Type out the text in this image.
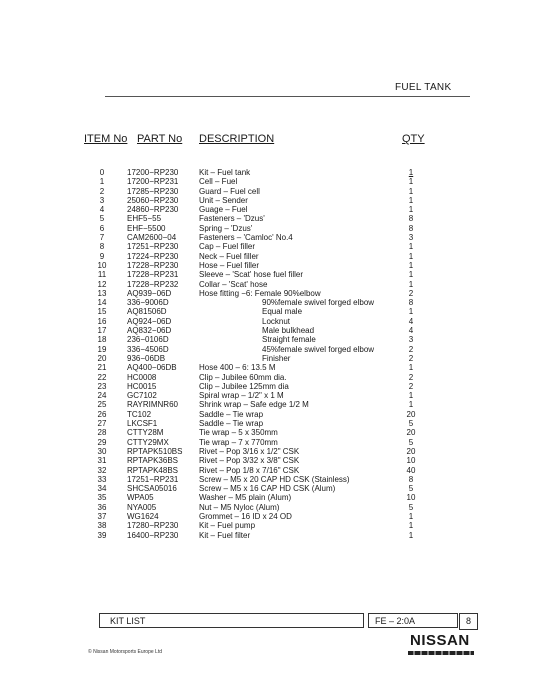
FUEL TANK
ITEM No PART No DESCRIPTION	QTY
0	17200−RP230	Kit – Fuel tank	1
1	17200−RP231	Cell – Fuel	1
2	17285−RP230	Guard – Fuel cell	1
3	25060−RP230	Unit – Sender	1
4	24860−RP230	Guage – Fuel	1
5	EHF5−55	Fasteners – 'Dzus'	8
6	EHF−5500	Spring – 'Dzus'	8
7	CAM2600−04	Fasteners – 'Camloc' No.4	3
8	17251−RP230	Cap – Fuel filler	1
9	17224−RP230	Neck – Fuel filler	1
10	17228−RP230	Hose – Fuel filler	1
11	17228−RP231	Sleeve – 'Scat' hose fuel filler	1
12	17228−RP232	Collar – 'Scat' hose	1
13	AQ939−06D	Hose fitting −6: Female 90%elbow	2
14	336−9006D	90%female swivel forged elbow	8
15	AQ81506D	Equal male	1
16	AQ924−06D	Locknut	4
17	AQ832−06D	Male bulkhead	4
18	236−0106D	Straight female	3
19	336−4506D	45%female swivel forged elbow	2
20	936−06DB	Finisher	2
21	AQ400−06DB	Hose 400 – 6: 13.5 M	1
22	HC0008	Clip – Jubilee 60mm dia.	2
23	HC0015	Clip – Jubilee 125mm dia	2
24	GC7102	Spiral wrap – 1/2" x 1 M	1
25	RAYRIMNR60	Shrink wrap – Safe edge 1/2 M	1
26	TC102	Saddle – Tie wrap	20
27	LKCSF1	Saddle – Tie wrap	5
28	CTTY28M	Tie wrap – 5 x 350mm	20
29	CTTY29MX	Tie wrap – 7 x 770mm	5
30	RPTAPK510BS Rivet – Pop 3/16 x 1/2" CSK	20
31	RPTAPK36BS	Rivet – Pop 3/32 x 3/8" CSK	10
32	RPTAPK48BS	Rivet – Pop 1/8 x 7/16" CSK	40
33	17251−RP231	Screw – M5 x 20 CAP HD CSK (Stainless)	8
34	SHCSA05016	Screw – M5 x 16 CAP HD CSK (Alum)	5
35	WPA05	Washer – M5 plain (Alum)	10
36	NYA005	Nut – M5 Nyloc (Alum)	5
37	WG1624	Grommet – 16 ID x 24 OD	1
38	17280−RP230	Kit – Fuel pump	1
39	16400−RP230	Kit – Fuel filter	1
KIT LIST	FE – 2:0A	8
NISSAN
© Nissan Motorsports Europe Ltd
